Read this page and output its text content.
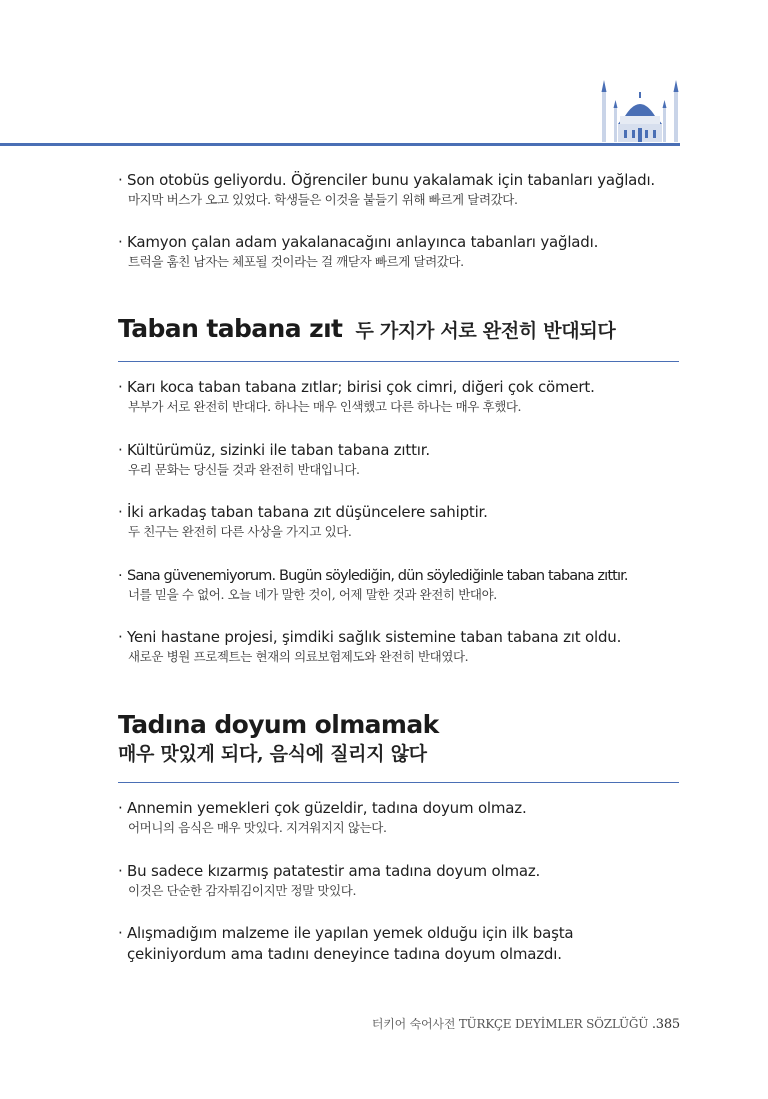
· Son otobüs geliyordu. Öğrenciler bunu yakalamak için tabanları yağladı.
마지막 버스가 오고 있었다. 학생들은 이것을 붙들기 위해 빠르게 달려갔다.
· Kamyon çalan adam yakalanacağını anlayınca tabanları yağladı.
트럭을 훔친 남자는 체포될 것이라는 걸 깨닫자 빠르게 달려갔다.
Taban tabana zıt 두 가지가 서로 완전히 반대되다
· Karı koca taban tabana zıtlar; birisi çok cimri, diğeri çok cömert.
부부가 서로 완전히 반대다. 하나는 매우 인색했고 다른 하나는 매우 후했다.
· Kültürümüz, sizinki ile taban tabana zıttır.
우리 문화는 당신들 것과 완전히 반대입니다.
· İki arkadaş taban tabana zıt düşüncelere sahiptir.
두 친구는 완전히 다른 사상을 가지고 있다.
· Sana güvenemiyorum. Bugün söylediğin, dün söylediğinle taban tabana zıttır.
너를 믿을 수 없어. 오늘 네가 말한 것이, 어제 말한 것과 완전히 반대야.
· Yeni hastane projesi, şimdiki sağlık sistemine taban tabana zıt oldu.
새로운 병원 프로젝트는 현재의 의료보험제도와 완전히 반대였다.
Tadına doyum olmamak
매우 맛있게 되다, 음식에 질리지 않다
· Annemin yemekleri çok güzeldir, tadına doyum olmaz.
어머니의 음식은 매우 맛있다. 지겨워지지 않는다.
· Bu sadece kızarmış patatestir ama tadına doyum olmaz.
이것은 단순한 감자튀김이지만 정말 맛있다.
· Alışmadığım malzeme ile yapılan yemek olduğu için ilk başta çekiniyordum ama tadını deneyince tadına doyum olmazdı.
터키어 숙어사전 TÜRKÇE DEYİMLER SÖZLÜĞÜ .385
